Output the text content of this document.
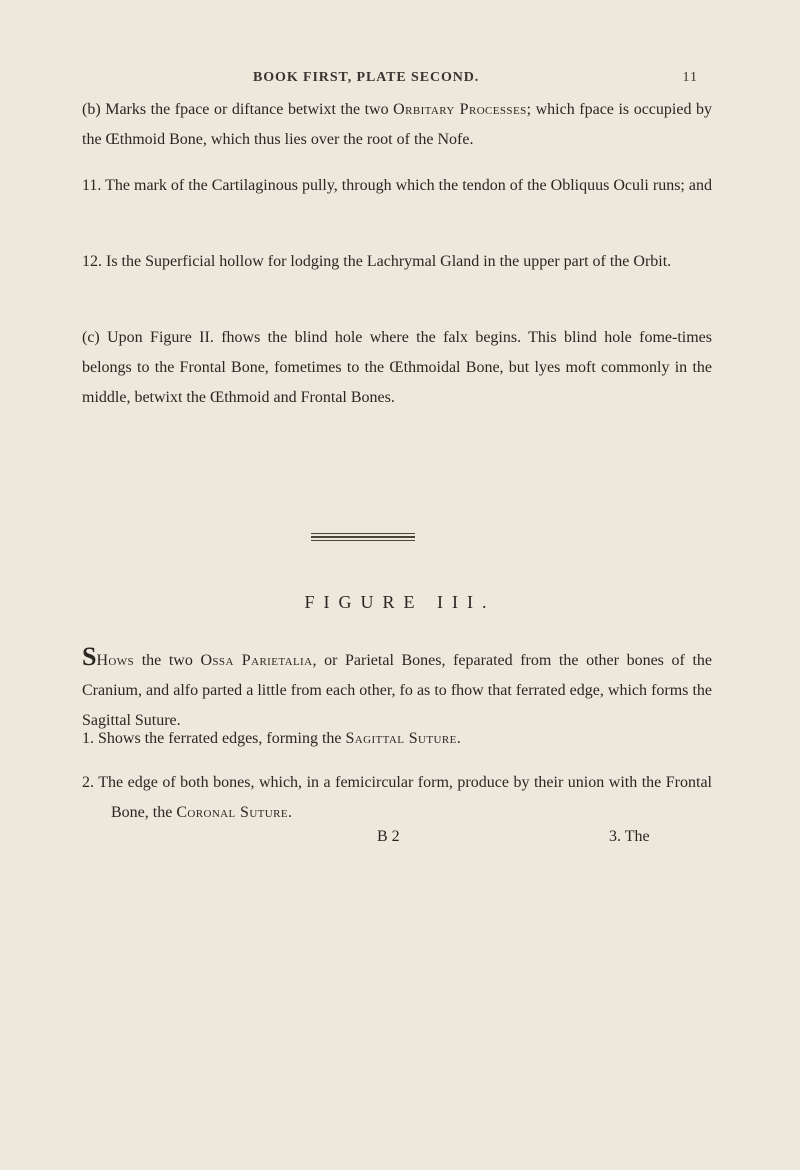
BOOK FIRST, PLATE SECOND.	11

(b) Marks the fpace or diftance betwixt the two Orbitary Processes; which fpace is occupied by the Œthmoid Bone, which thus lies over the root of the Nofe.

11. The mark of the Cartilaginous pully, through which the tendon of the Obliquus Oculi runs; and

12. Is the Superficial hollow for lodging the Lachrymal Gland in the upper part of the Orbit.

(c) Upon Figure II. fhows the blind hole where the falx begins. This blind hole fome-times belongs to the Frontal Bone, fometimes to the Œthmoidal Bone, but lyes moft commonly in the middle, betwixt the Œthmoid and Frontal Bones.

FIGURE III.

SHows the two Ossa Parietalia, or Parietal Bones, feparated from the other bones of the Cranium, and alfo parted a little from each other, fo as to fhow that ferrated edge, which forms the Sagittal Suture.

1. Shows the ferrated edges, forming the Sagittal Suture.

2. The edge of both bones, which, in a femicircular form, produce by their union with the Frontal Bone, the Coronal Suture.

B 2	3. The
